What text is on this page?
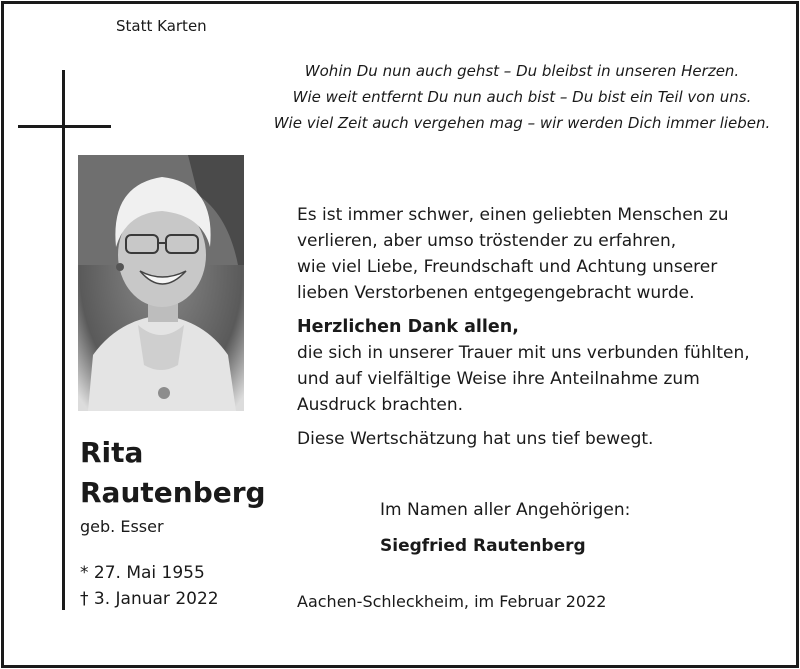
Statt Karten
Wohin Du nun auch gehst – Du bleibst in unseren Herzen.
Wie weit entfernt Du nun auch bist – Du bist ein Teil von uns.
Wie viel Zeit auch vergehen mag – wir werden Dich immer lieben.
Rita
Rautenberg
geb. Esser
* 27. Mai 1955
† 3. Januar 2022

Es ist immer schwer, einen geliebten Menschen zu
verlieren, aber umso tröstender zu erfahren,
wie viel Liebe, Freundschaft und Achtung unserer
lieben Verstorbenen entgegengebracht wurde.

Herzlichen Dank allen,

die sich in unserer Trauer mit uns verbunden fühlten,
und auf vielfältige Weise ihre Anteilnahme zum
Ausdruck brachten.

Diese Wertschätzung hat uns tief bewegt.

Im Namen aller Angehörigen:
Siegfried Rautenberg
Aachen-Schleckheim, im Februar 2022
